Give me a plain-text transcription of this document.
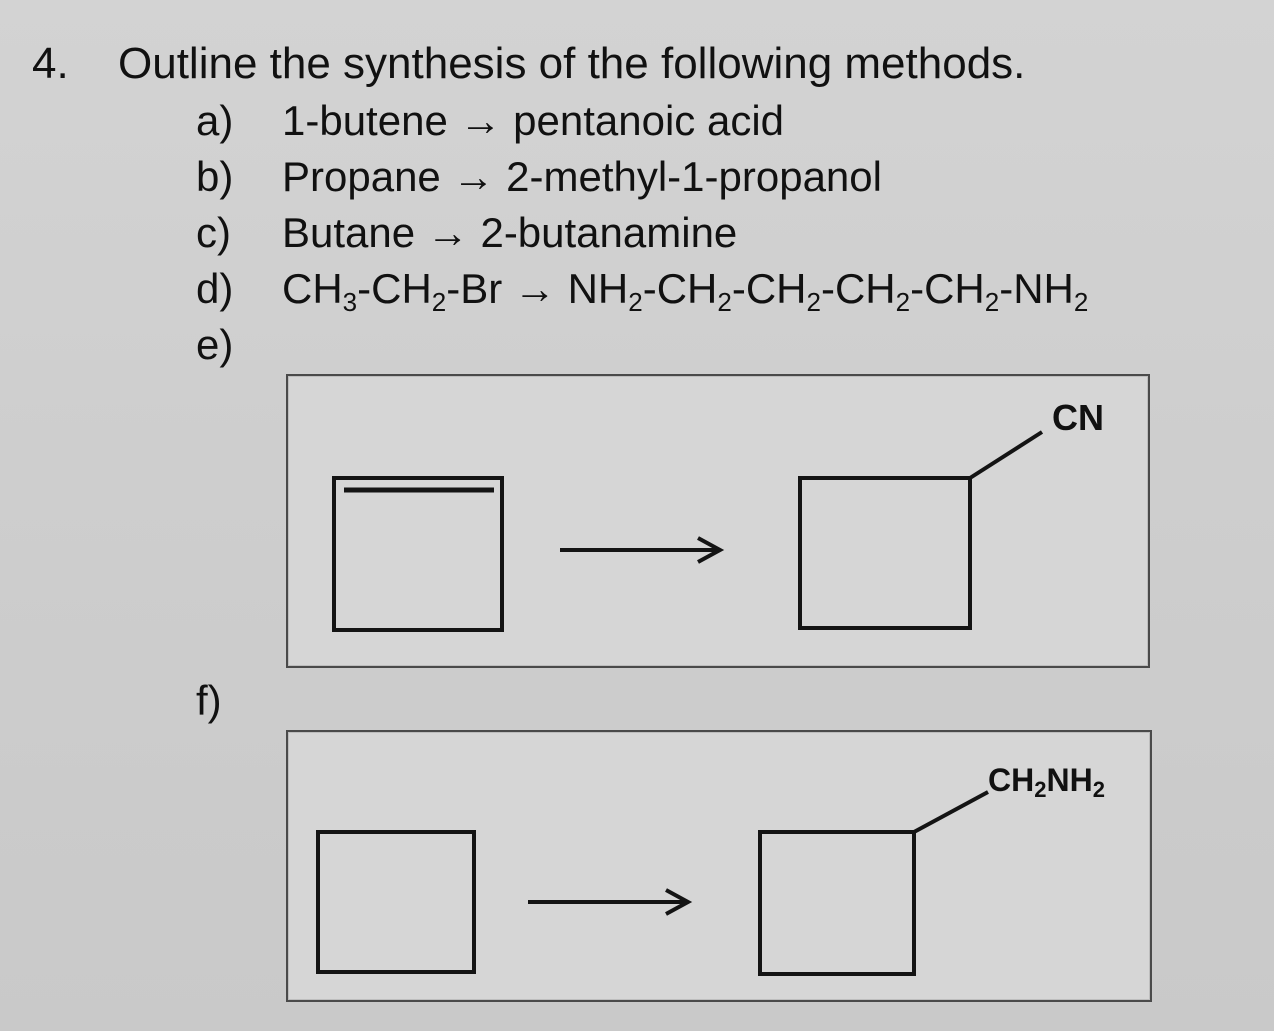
4. Outline the synthesis of the following methods.
a) 1-butene → pentanoic acid
b) Propane → 2-methyl-1-propanol
c) Butane → 2-butanamine
d) $CH_3-CH_2-Br \to NH_2-CH_2-CH_2-CH_2-CH_2-NH_2$
e)
CN
f)
$CH_2NH_2$
